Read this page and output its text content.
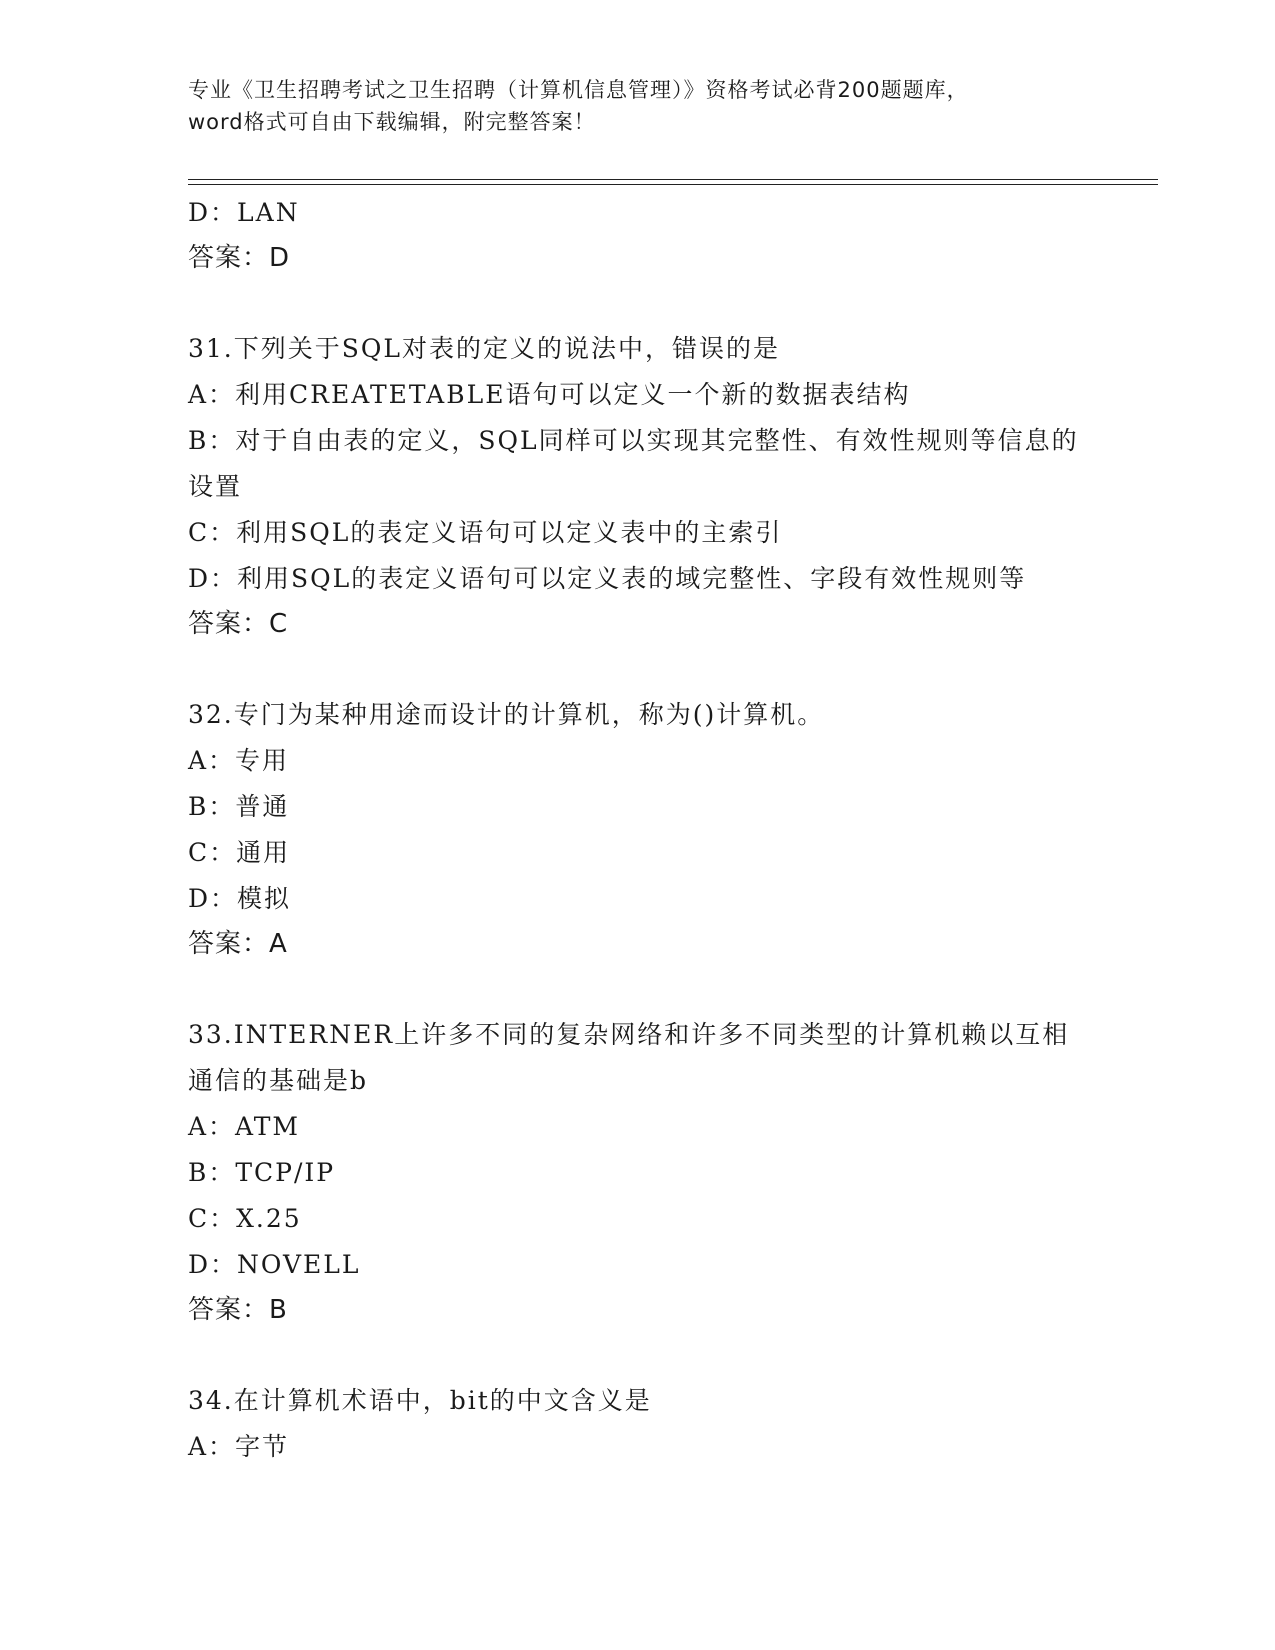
专业《卫生招聘考试之卫生招聘（计算机信息管理）》资格考试必背200题题库，
word格式可自由下载编辑，附完整答案！
D：LAN
答案：D
31.下列关于SQL对表的定义的说法中，错误的是
A：利用CREATETABLE语句可以定义一个新的数据表结构
B：对于自由表的定义，SQL同样可以实现其完整性、有效性规则等信息的设置
C：利用SQL的表定义语句可以定义表中的主索引
D：利用SQL的表定义语句可以定义表的域完整性、字段有效性规则等
答案：C
32.专门为某种用途而设计的计算机，称为()计算机。
A：专用
B：普通
C：通用
D：模拟
答案：A
33.INTERNER上许多不同的复杂网络和许多不同类型的计算机赖以互相通信的基础是b
A：ATM
B：TCP/IP
C：X.25
D：NOVELL
答案：B
34.在计算机术语中，bit的中文含义是
A：字节
